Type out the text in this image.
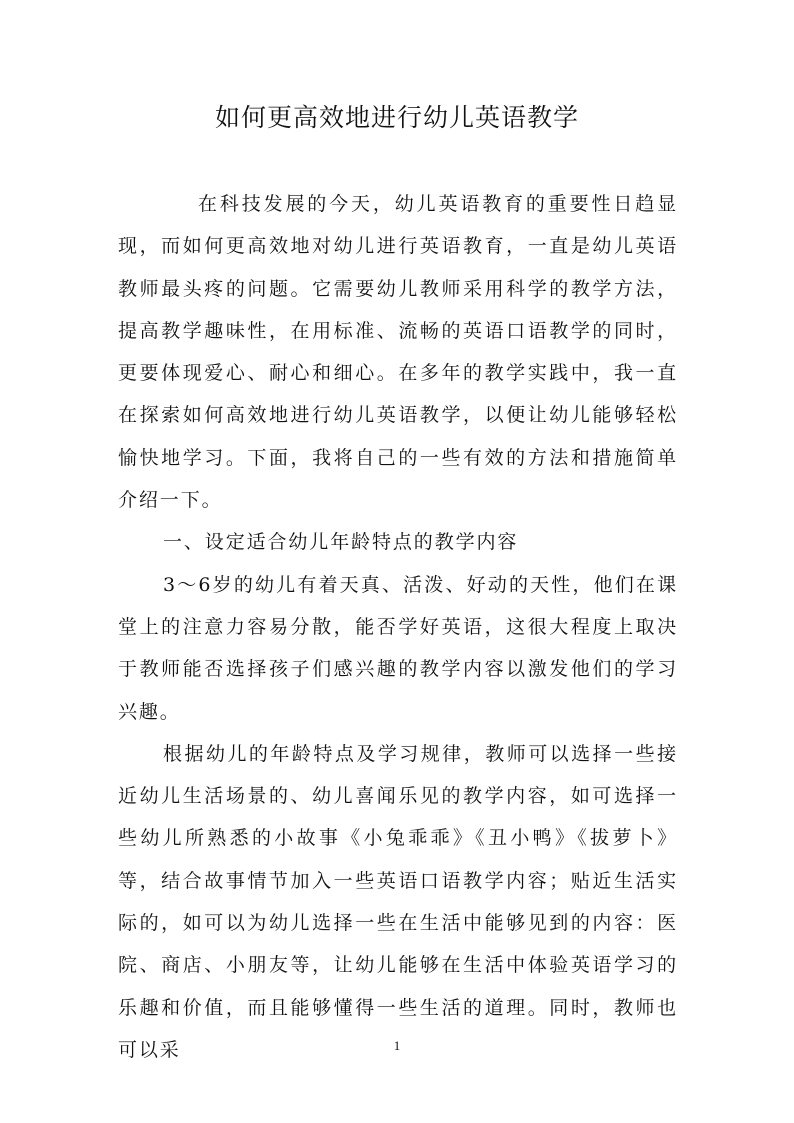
如何更高效地进行幼儿英语教学

在科技发展的今天，幼儿英语教育的重要性日趋显现，而如何更高效地对幼儿进行英语教育，一直是幼儿英语教师最头疼的问题。它需要幼儿教师采用科学的教学方法，提高教学趣味性，在用标准、流畅的英语口语教学的同时，更要体现爱心、耐心和细心。在多年的教学实践中，我一直在探索如何高效地进行幼儿英语教学，以便让幼儿能够轻松愉快地学习。下面，我将自己的一些有效的方法和措施简单介绍一下。

一、设定适合幼儿年龄特点的教学内容

3～6岁的幼儿有着天真、活泼、好动的天性，他们在课堂上的注意力容易分散，能否学好英语，这很大程度上取决于教师能否选择孩子们感兴趣的教学内容以激发他们的学习兴趣。

根据幼儿的年龄特点及学习规律，教师可以选择一些接近幼儿生活场景的、幼儿喜闻乐见的教学内容，如可选择一些幼儿所熟悉的小故事《小兔乖乖》《丑小鸭》《拔萝卜》等，结合故事情节加入一些英语口语教学内容；贴近生活实际的，如可以为幼儿选择一些在生活中能够见到的内容：医院、商店、小朋友等，让幼儿能够在生活中体验英语学习的乐趣和价值，而且能够懂得一些生活的道理。同时，教师也可以采	1
